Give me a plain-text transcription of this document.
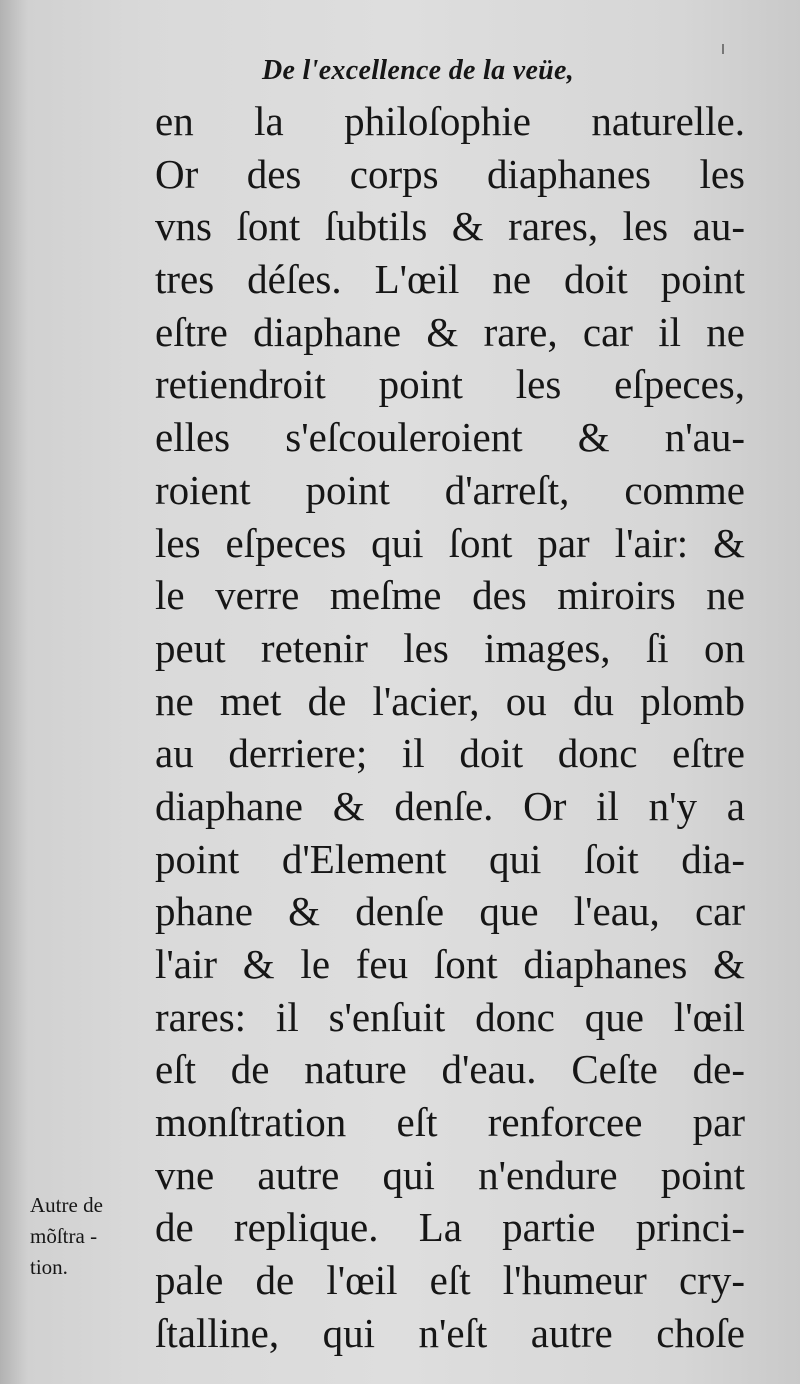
De l'excellence de la veüe,
en la philoſophie naturelle.
Or des corps diaphanes les
vns ſont ſubtils & rares, les au-
tres déſes. L'œil ne doit point
eſtre diaphane & rare, car il ne
retiendroit point les eſpeces,
elles s'eſcouleroient & n'au-
roient point d'arreſt, comme
les eſpeces qui ſont par l'air: &
le verre meſme des miroirs ne
peut retenir les images, ſi on
ne met de l'acier, ou du plomb
au derriere; il doit donc eſtre
diaphane & denſe. Or il n'y a
point d'Element qui ſoit dia-
phane & denſe que l'eau, car
l'air & le feu ſont diaphanes &
rares: il s'enſuit donc que l'œil
eſt de nature d'eau. Ceſte de-
monſtration eſt renforcee par
vne autre qui n'endure point
de replique. La partie princi-
pale de l'œil eſt l'humeur cry-
ſtalline, qui n'eſt autre choſe
Autre de
mõſtra -
tion.
